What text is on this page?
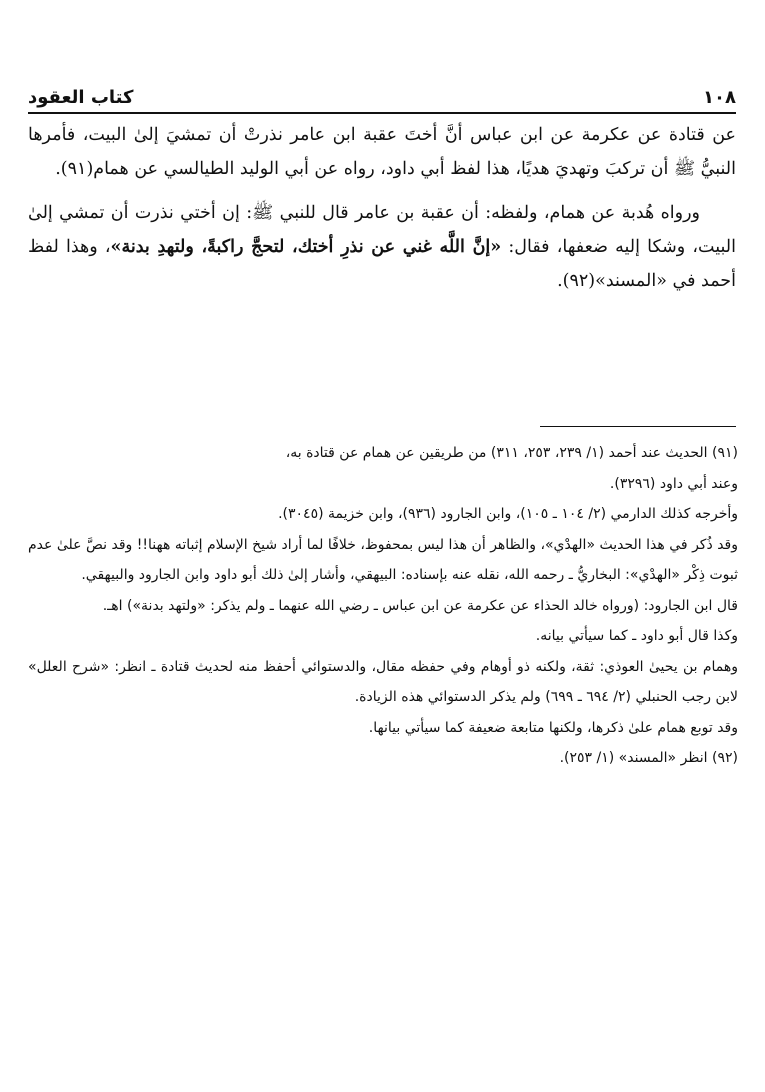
١٠٨
كتاب العقود

عن قتادة عن عكرمة عن ابن عباس أنَّ أختَ عقبة ابن عامر نذرتْ أن تمشيَ إلىٰ البيت، فأمرها النبيُّ ﷺ أن تركبَ وتهديَ هديًا، هذا لفظ أبي داود، رواه عن أبي الوليد الطيالسي عن همام(٩١).

ورواه هُدبة عن همام، ولفظه: أن عقبة بن عامر قال للنبي ﷺ: إن أختي نذرت أن تمشي إلىٰ البيت، وشكا إليه ضعفها، فقال: «إنَّ اللَّه غني عن نذرِ أختك، لتحجَّ راكبةً، ولتهدِ بدنة»، وهذا لفظ أحمد في «المسند»(٩٢).

(٩١) الحديث عند أحمد (١/ ٢٣٩، ٢٥٣، ٣١١) من طريقين عن همام عن قتادة به،

وعند أبي داود (٣٢٩٦).

وأخرجه كذلك الدارمي (٢/ ١٠٤ ـ ١٠٥)، وابن الجارود (٩٣٦)، وابن خزيمة (٣٠٤٥).

وقد ذُكر في هذا الحديث «الهدْي»، والظاهر أن هذا ليس بمحفوظ، خلافًا لما أراد شيخ الإسلام إثباته ههنا!! وقد نصَّ علىٰ عدم ثبوت ذِكْر «الهدْي»: البخاريُّ ـ رحمه الله، نقله عنه بإسناده: البيهقي، وأشار إلىٰ ذلك أبو داود وابن الجارود والبيهقي.

قال ابن الجارود: (ورواه خالد الحذاء عن عكرمة عن ابن عباس ـ رضي الله عنهما ـ ولم يذكر: «ولتهد بدنة») اهـ.

وكذا قال أبو داود ـ كما سيأتي بيانه.

وهمام بن يحيىٰ العوذي: ثقة، ولكنه ذو أوهام وفي حفظه مقال، والدستوائي أحفظ منه لحديث قتادة ـ انظر: «شرح العلل» لابن رجب الحنبلي (٢/ ٦٩٤ ـ ٦٩٩) ولم يذكر الدستوائي هذه الزيادة.

وقد توبع همام علىٰ ذكرها، ولكنها متابعة ضعيفة كما سيأتي بيانها.

(٩٢) انظر «المسند» (١/ ٢٥٣).
